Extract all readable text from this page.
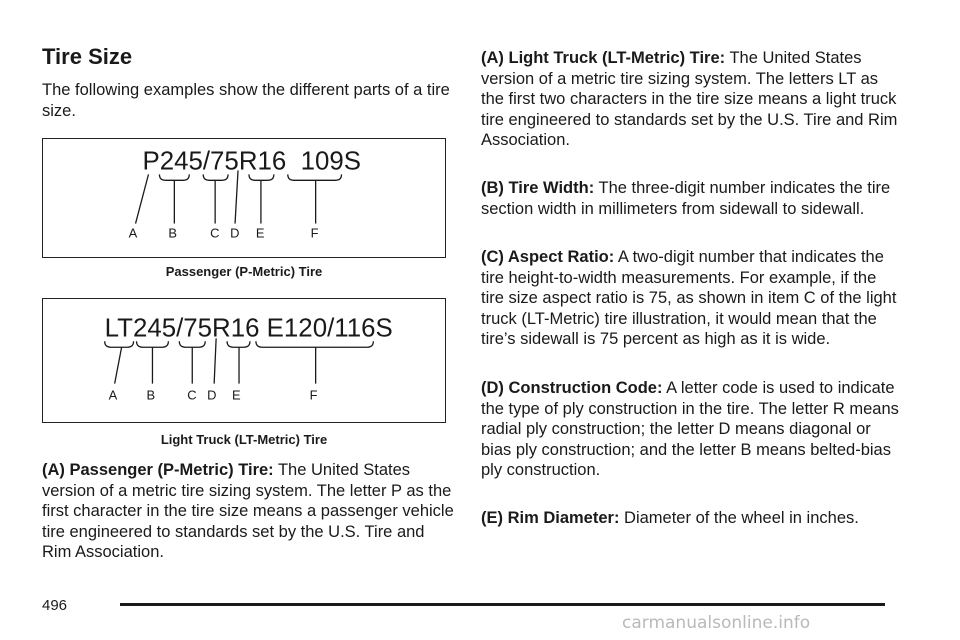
Tire Size
The following examples show the different parts of a tire size.
P245/75R16  109S
A B	C D E	F
Passenger (P-Metric) Tire
LT245/75R16 E120/116S
A B C D E	F
Light Truck (LT-Metric) Tire
(A) Passenger (P-Metric) Tire: The United States version of a metric tire sizing system. The letter P as the first character in the tire size means a passenger vehicle tire engineered to standards set by the U.S. Tire and Rim Association.
(A) Light Truck (LT-Metric) Tire: The United States version of a metric tire sizing system. The letters LT as the first two characters in the tire size means a light truck tire engineered to standards set by the U.S. Tire and Rim Association.
(B) Tire Width: The three-digit number indicates the tire section width in millimeters from sidewall to sidewall.
(C) Aspect Ratio: A two-digit number that indicates the tire height-to-width measurements. For example, if the tire size aspect ratio is 75, as shown in item C of the light truck (LT-Metric) tire illustration, it would mean that the tire’s sidewall is 75 percent as high as it is wide.
(D) Construction Code: A letter code is used to indicate the type of ply construction in the tire. The letter R means radial ply construction; the letter D means diagonal or bias ply construction; and the letter B means belted-bias ply construction.
(E) Rim Diameter: Diameter of the wheel in inches.
496
carmanualsonline.info
